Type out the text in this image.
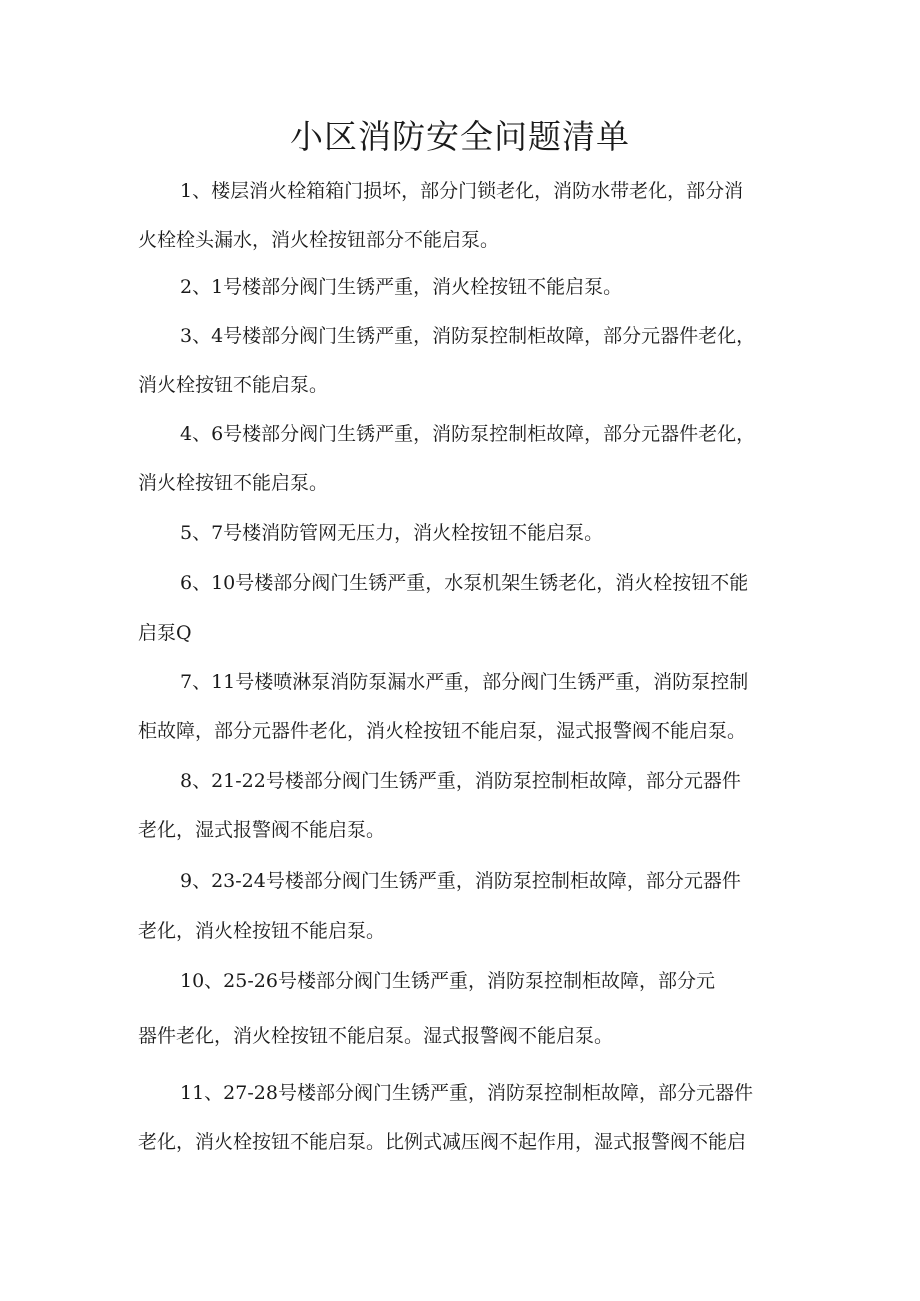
小区消防安全问题清单

1、楼层消火栓箱箱门损坏，部分门锁老化，消防水带老化，部分消

火栓栓头漏水，消火栓按钮部分不能启泵。

2、1号楼部分阀门生锈严重，消火栓按钮不能启泵。

3、4号楼部分阀门生锈严重，消防泵控制柜故障，部分元器件老化，

消火栓按钮不能启泵。

4、6号楼部分阀门生锈严重，消防泵控制柜故障，部分元器件老化，

消火栓按钮不能启泵。

5、7号楼消防管网无压力，消火栓按钮不能启泵。

6、10号楼部分阀门生锈严重，水泵机架生锈老化，消火栓按钮不能

启泵Q

7、11号楼喷淋泵消防泵漏水严重，部分阀门生锈严重，消防泵控制

柜故障，部分元器件老化，消火栓按钮不能启泵，湿式报警阀不能启泵。

8、21-22号楼部分阀门生锈严重，消防泵控制柜故障，部分元器件

老化，湿式报警阀不能启泵。

9、23-24号楼部分阀门生锈严重，消防泵控制柜故障，部分元器件

老化，消火栓按钮不能启泵。

10、25-26号楼部分阀门生锈严重，消防泵控制柜故障，部分元

器件老化，消火栓按钮不能启泵。湿式报警阀不能启泵。

11、27-28号楼部分阀门生锈严重，消防泵控制柜故障，部分元器件

老化，消火栓按钮不能启泵。比例式减压阀不起作用，湿式报警阀不能启
